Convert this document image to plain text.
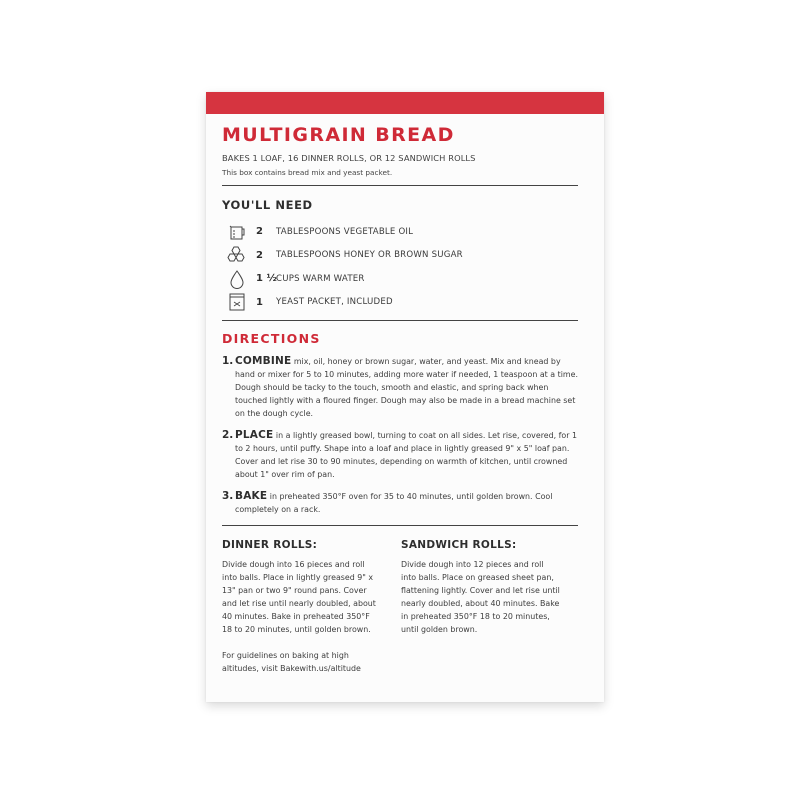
MULTIGRAIN BREAD
BAKES 1 LOAF, 16 DINNER ROLLS, OR 12 SANDWICH ROLLS
This box contains bread mix and yeast packet.
YOU'LL NEED
2	TABLESPOONS VEGETABLE OIL
2	TABLESPOONS HONEY OR BROWN SUGAR
1 ½ CUPS WARM WATER
1	YEAST PACKET, INCLUDED
DIRECTIONS
1. COMBINE mix, oil, honey or brown sugar, water, and yeast. Mix and knead by hand or mixer for 5 to 10 minutes, adding more water if needed, 1 teaspoon at a time. Dough should be tacky to the touch, smooth and elastic, and spring back when touched lightly with a floured finger. Dough may also be made in a bread machine set on the dough cycle.
2. PLACE in a lightly greased bowl, turning to coat on all sides. Let rise, covered, for 1 to 2 hours, until puffy. Shape into a loaf and place in lightly greased 9" x 5" loaf pan. Cover and let rise 30 to 90 minutes, depending on warmth of kitchen, until crowned about 1" over rim of pan.
3. BAKE in preheated 350°F oven for 35 to 40 minutes, until golden brown. Cool completely on a rack.
DINNER ROLLS:
Divide dough into 16 pieces and roll into balls. Place in lightly greased 9" x 13" pan or two 9" round pans. Cover and let rise until nearly doubled, about 40 minutes. Bake in preheated 350°F 18 to 20 minutes, until golden brown.
For guidelines on baking at high altitudes, visit Bakewith.us/altitude
SANDWICH ROLLS:
Divide dough into 12 pieces and roll into balls. Place on greased sheet pan, flattening lightly. Cover and let rise until nearly doubled, about 40 minutes. Bake in preheated 350°F 18 to 20 minutes, until golden brown.
